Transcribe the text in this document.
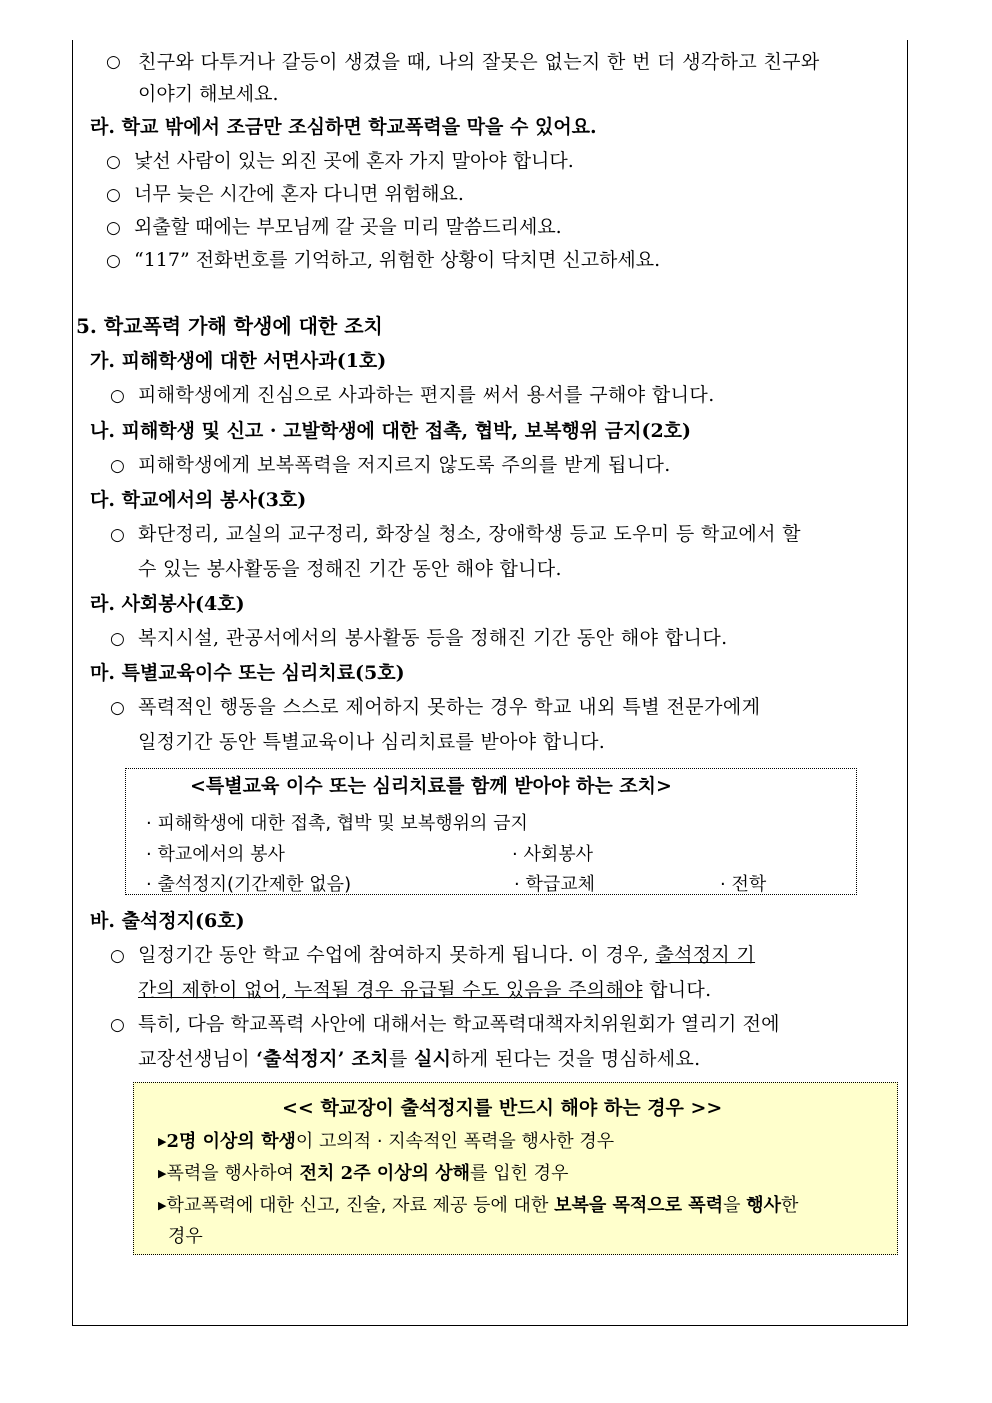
○ 친구와 다투거나 갈등이 생겼을 때, 나의 잘못은 없는지 한 번 더 생각하고 친구와
이야기 해보세요.
라. 학교 밖에서 조금만 조심하면 학교폭력을 막을 수 있어요.
○ 낯선 사람이 있는 외진 곳에 혼자 가지 말아야 합니다.
○ 너무 늦은 시간에 혼자 다니면 위험해요.
○ 외출할 때에는 부모님께 갈 곳을 미리 말씀드리세요.
○ “117” 전화번호를 기억하고, 위험한 상황이 닥치면 신고하세요.
5. 학교폭력 가해 학생에 대한 조치
가. 피해학생에 대한 서면사과(1호)
○ 피해학생에게 진심으로 사과하는 편지를 써서 용서를 구해야 합니다.
나. 피해학생 및 신고 · 고발학생에 대한 접촉, 협박, 보복행위 금지(2호)
○ 피해학생에게 보복폭력을 저지르지 않도록 주의를 받게 됩니다.
다. 학교에서의 봉사(3호)
○ 화단정리, 교실의 교구정리, 화장실 청소, 장애학생 등교 도우미 등 학교에서 할
수 있는 봉사활동을 정해진 기간 동안 해야 합니다.
라. 사회봉사(4호)
○ 복지시설, 관공서에서의 봉사활동 등을 정해진 기간 동안 해야 합니다.
마. 특별교육이수 또는 심리치료(5호)
○ 폭력적인 행동을 스스로 제어하지 못하는 경우 학교 내외 특별 전문가에게
일정기간 동안 특별교육이나 심리치료를 받아야 합니다.
<특별교육 이수 또는 심리치료를 함께 받아야 하는 조치>
· 피해학생에 대한 접촉, 협박 및 보복행위의 금지
· 학교에서의 봉사	· 사회봉사
· 출석정지(기간제한 없음)	· 학급교체	· 전학
바. 출석정지(6호)
○ 일정기간 동안 학교 수업에 참여하지 못하게 됩니다. 이 경우, 출석정지 기
간의 제한이 없어, 누적될 경우 유급될 수도 있음을 주의해야 합니다.
○ 특히, 다음 학교폭력 사안에 대해서는 학교폭력대책자치위원회가 열리기 전에
교장선생님이 ‘출석정지’ 조치를 실시하게 된다는 것을 명심하세요.
<< 학교장이 출석정지를 반드시 해야 하는 경우 >>
▶2명 이상의 학생이 고의적 · 지속적인 폭력을 행사한 경우
▶폭력을 행사하여 전치 2주 이상의 상해를 입힌 경우
▶학교폭력에 대한 신고, 진술, 자료 제공 등에 대한 보복을 목적으로 폭력을 행사한
경우
